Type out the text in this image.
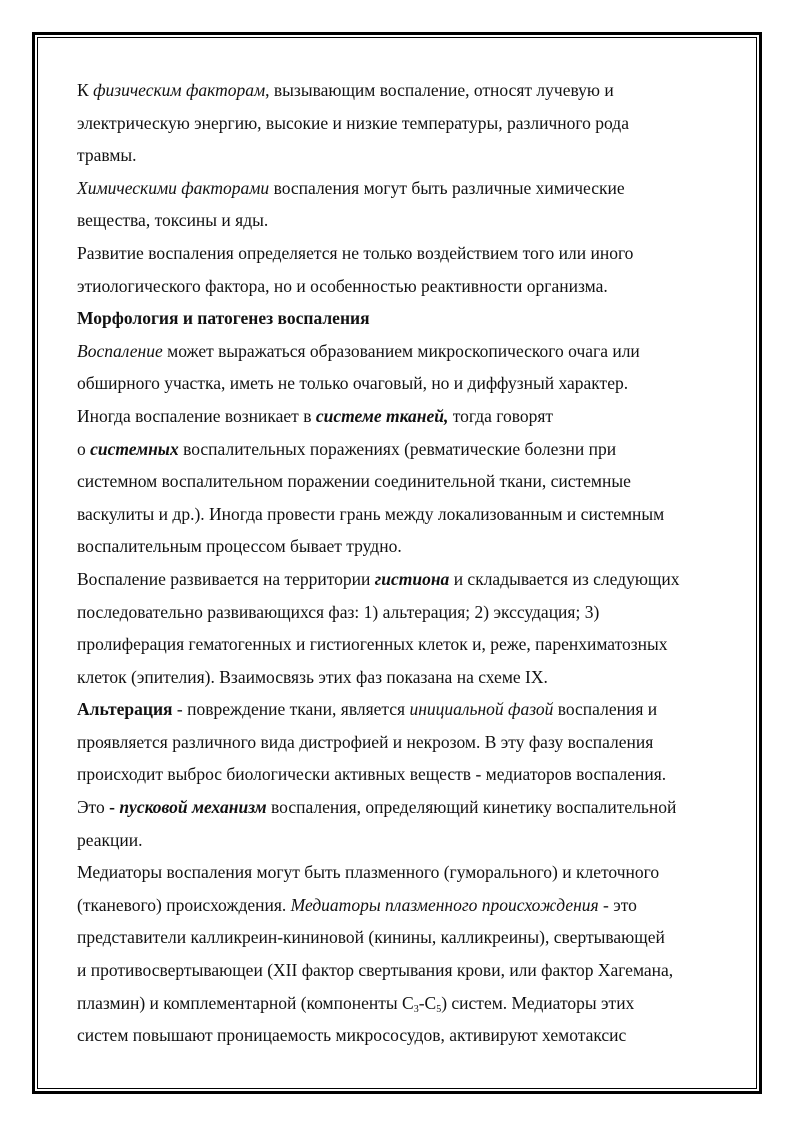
К физическим факторам, вызывающим воспаление, относят лучевую и
электрическую энергию, высокие и низкие температуры, различного рода
травмы.
Химическими факторами воспаления могут быть различные химические
вещества, токсины и яды.
Развитие воспаления определяется не только воздействием того или иного
этиологического фактора, но и особенностью реактивности организма.
Морфология и патогенез воспаления
Воспаление может выражаться образованием микроскопического очага или
обширного участка, иметь не только очаговый, но и диффузный характер.
Иногда воспаление возникает в системе тканей, тогда говорят
о системных воспалительных поражениях (ревматические болезни при
системном воспалительном поражении соединительной ткани, системные
васкулиты и др.). Иногда провести грань между локализованным и системным
воспалительным процессом бывает трудно.
Воспаление развивается на территории гистиона и складывается из следующих
последовательно развивающихся фаз: 1) альтерация; 2) экссудация; 3)
пролиферация гематогенных и гистиогенных клеток и, реже, паренхиматозных
клеток (эпителия). Взаимосвязь этих фаз показана на схеме IX.
Альтерация - повреждение ткани, является инициальной фазой воспаления и
проявляется различного вида дистрофией и некрозом. В эту фазу воспаления
происходит выброс биологически активных веществ - медиаторов воспаления.
Это - пусковой механизм воспаления, определяющий кинетику воспалительной
реакции.
Медиаторы воспаления могут быть плазменного (гуморального) и клеточного
(тканевого) происхождения. Медиаторы плазменного происхождения - это
представители калликреин-кининовой (кинины, калликреины), свертывающей
и противосвертывающеи (XII фактор свертывания крови, или фактор Хагемана,
плазмин) и комплементарной (компоненты $С_3-С_5$) систем. Медиаторы этих
систем повышают проницаемость микрососудов, активируют хемотаксис
